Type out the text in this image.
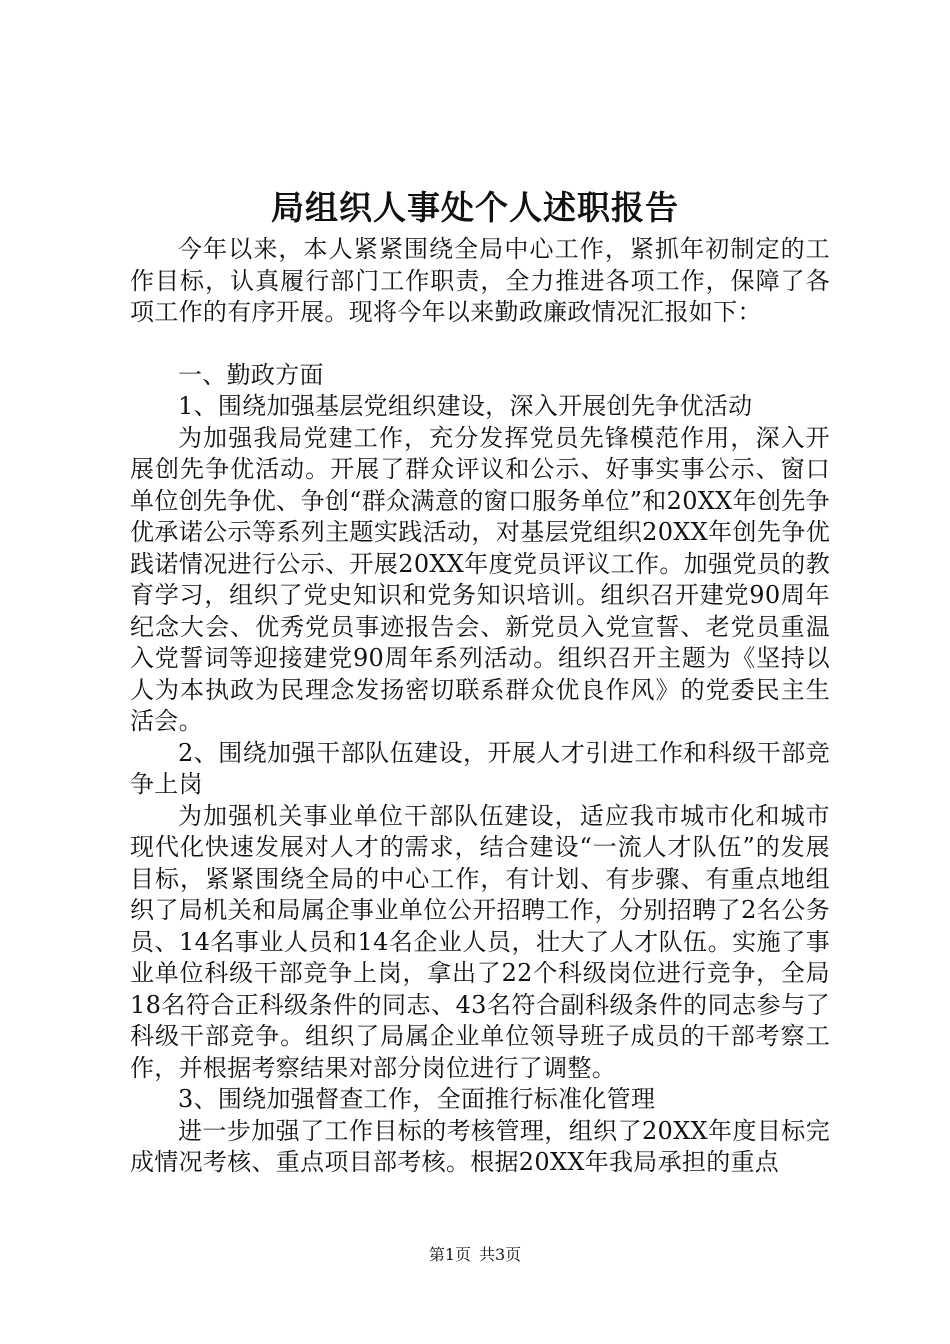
局组织人事处个人述职报告

今年以来，本人紧紧围绕全局中心工作，紧抓年初制定的工作目标，认真履行部门工作职责，全力推进各项工作，保障了各项工作的有序开展。现将今年以来勤政廉政情况汇报如下：

一、勤政方面

1、围绕加强基层党组织建设，深入开展创先争优活动

为加强我局党建工作，充分发挥党员先锋模范作用，深入开展创先争优活动。开展了群众评议和公示、好事实事公示、窗口单位创先争优、争创“群众满意的窗口服务单位”和20XX年创先争优承诺公示等系列主题实践活动，对基层党组织20XX年创先争优践诺情况进行公示、开展20XX年度党员评议工作。加强党员的教育学习，组织了党史知识和党务知识培训。组织召开建党90周年纪念大会、优秀党员事迹报告会、新党员入党宣誓、老党员重温入党誓词等迎接建党90周年系列活动。组织召开主题为《坚持以人为本执政为民理念发扬密切联系群众优良作风》的党委民主生活会。

2、围绕加强干部队伍建设，开展人才引进工作和科级干部竞争上岗

为加强机关事业单位干部队伍建设，适应我市城市化和城市现代化快速发展对人才的需求，结合建设“一流人才队伍”的发展目标，紧紧围绕全局的中心工作，有计划、有步骤、有重点地组织了局机关和局属企事业单位公开招聘工作，分别招聘了2名公务员、14名事业人员和14名企业人员，壮大了人才队伍。实施了事业单位科级干部竞争上岗，拿出了22个科级岗位进行竞争，全局18名符合正科级条件的同志、43名符合副科级条件的同志参与了科级干部竞争。组织了局属企业单位领导班子成员的干部考察工作，并根据考察结果对部分岗位进行了调整。

3、围绕加强督查工作，全面推行标准化管理

进一步加强了工作目标的考核管理，组织了20XX年度目标完成情况考核、重点项目部考核。根据20XX年我局承担的重点

第1页 共3页
